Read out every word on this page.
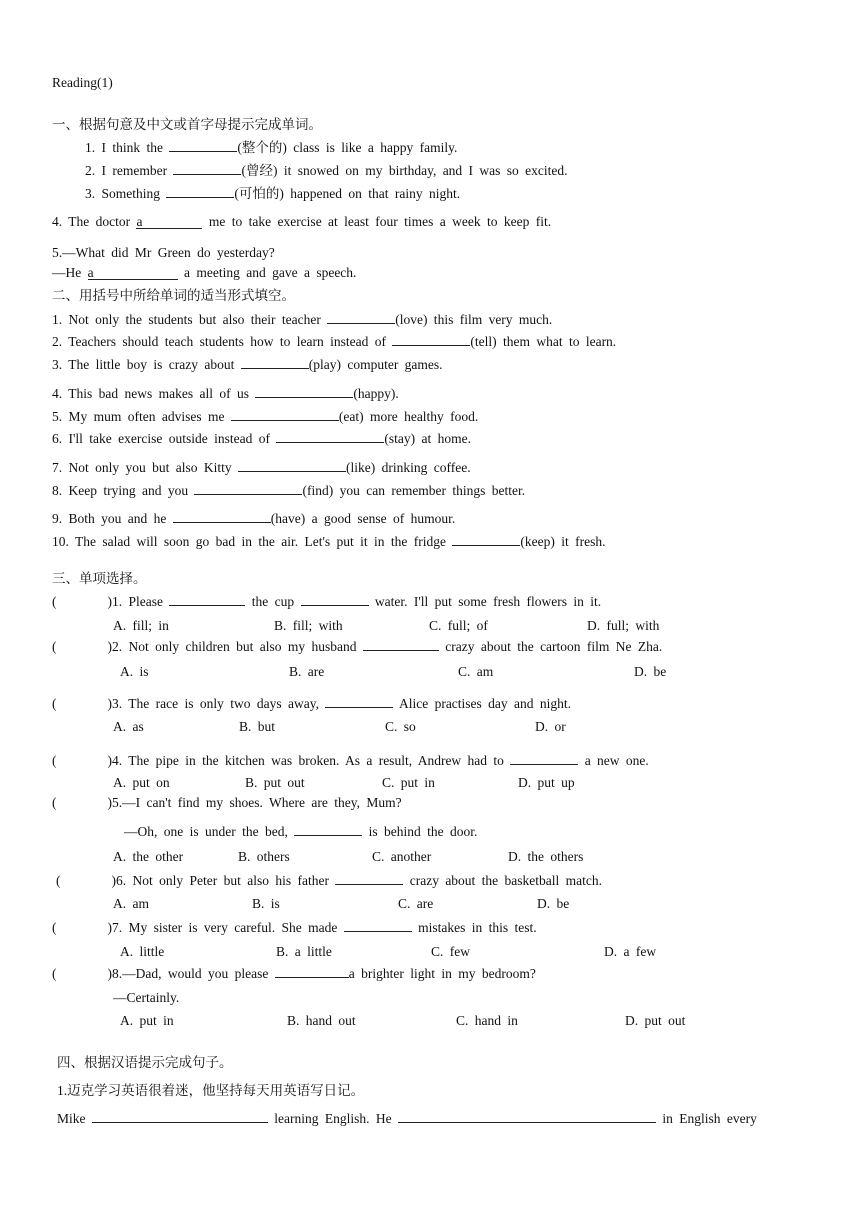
Reading(1)
一、根据句意及中文或首字母提示完成单词。
1. I think the	(整个的) class is like a happy family.
2. I remember	(曾经) it snowed on my birthday, and I was so excited.
3. Something	(可怕的) happened on that rainy night.
4. The doctor a	me to take exercise at least four times a week to keep fit.
5.—What did Mr Green do yesterday?
—He a	a meeting and gave a speech.
二、用括号中所给单词的适当形式填空。
1. Not only the students but also their teacher	(love) this film very much.
2. Teachers should teach students how to learn instead of	(tell) them what to learn.
3. The little boy is crazy about	(play) computer games.
4. This bad news makes all of us	(happy).
5. My mum often advises me	(eat) more healthy food.
6. I'll take exercise outside instead of	(stay) at home.
7. Not only you but also Kitty	(like) drinking coffee.
8. Keep trying and you	(find) you can remember things better.
9. Both you and he	(have) a good sense of humour.
10. The salad will soon go bad in the air. Let's put it in the fridge	(keep) it fresh.
三、单项选择。
(        )1. Please	the cup	water. I'll put some fresh flowers in it.
A. fill; in	B. fill; with	C. full; of	D. full; with
(        )2. Not only children but also my husband	crazy about the cartoon film Ne Zha.
A. is	B. are	C. am	D. be
(        )3. The race is only two days away,	Alice practises day and night.
A. as	B. but	C. so	D. or
(        )4. The pipe in the kitchen was broken. As a result, Andrew had to	a new one.
A. put on	B. put out	C. put in	D. put up
(        )5.—I can't find my shoes. Where are they, Mum?
—Oh, one is under the bed,	is behind the door.
A. the other	B. others	C. another	D. the others
(        )6. Not only Peter but also his father	crazy about the basketball match.
A. am	B. is	C. are	D. be
(        )7. My sister is very careful. She made	mistakes in this test.
A. little	B. a little	C. few	D. a few
(        )8.—Dad, would you please	a brighter light in my bedroom?
—Certainly.
A. put in	B. hand out	C. hand in	D. put out
四、根据汉语提示完成句子。
1.迈克学习英语很着迷，他坚持每天用英语写日记。
Mike	learning English. He	in English every
